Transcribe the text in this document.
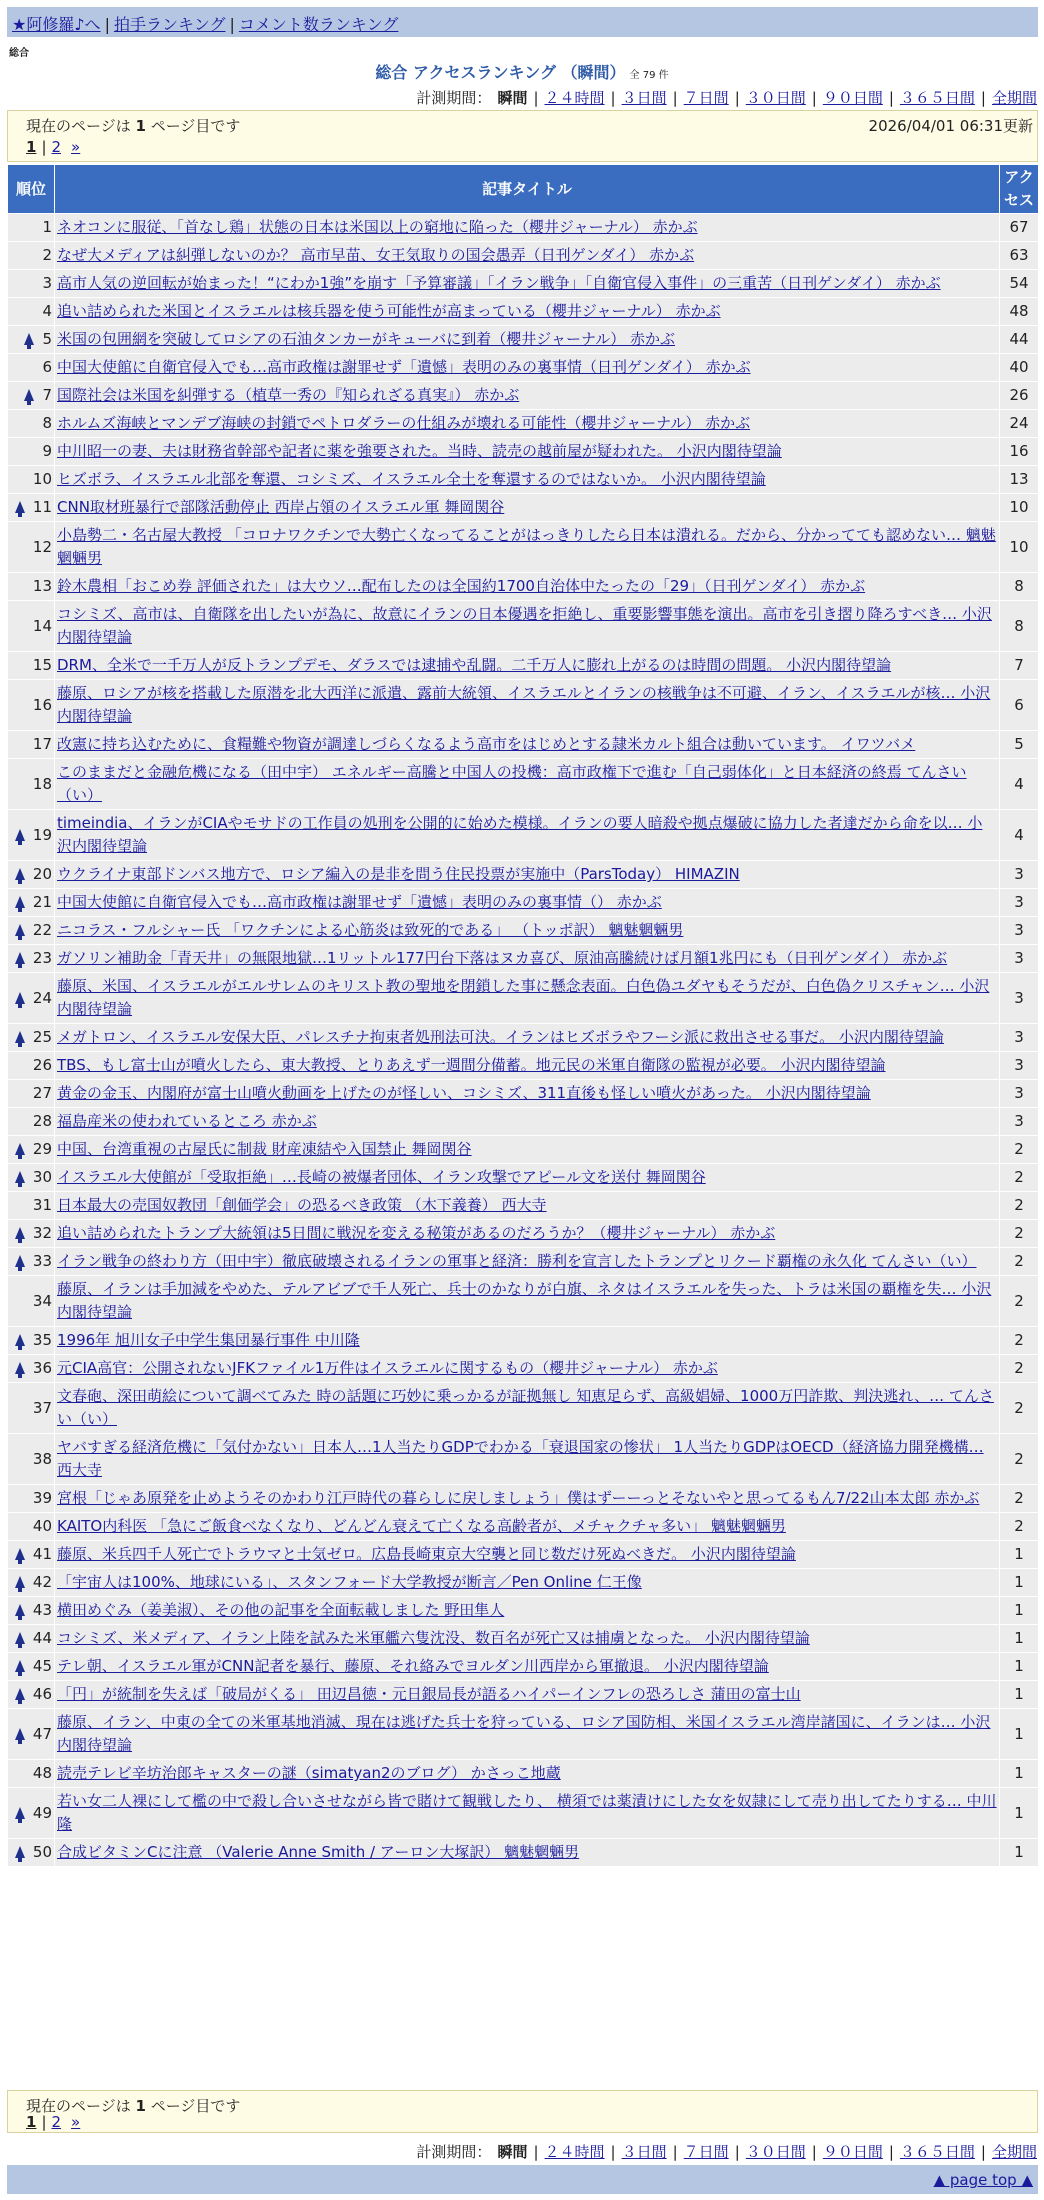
★阿修羅♪へ | 拍手ランキング | コメント数ランキング
総合
総合 アクセスランキング （瞬間） 全 79 件
計測期間： 瞬間 | ２４時間 | ３日間 | ７日間 | ３０日間 | ９０日間 | ３６５日間 | 全期間
現在のページは 1 ページ目です	2026/04/01 06:31更新
1 | 2 »
順位	記事タイトル	アクセス
1	ネオコンに服従、「首なし鶏」状態の日本は米国以上の窮地に陥った（櫻井ジャーナル） 赤かぶ	67
2	なぜ大メディアは糾弾しないのか？ 高市早苗、女王気取りの国会愚弄（日刊ゲンダイ） 赤かぶ	63
3	高市人気の逆回転が始まった！“にわか1強”を崩す「予算審議」「イラン戦争」「自衛官侵入事件」の三重苦（日刊ゲンダイ） 赤かぶ	54
4	追い詰められた米国とイスラエルは核兵器を使う可能性が高まっている（櫻井ジャーナル） 赤かぶ	48
5	米国の包囲網を突破してロシアの石油タンカーがキューバに到着（櫻井ジャーナル） 赤かぶ	44
6	中国大使館に自衛官侵入でも…高市政権は謝罪せず「遺憾」表明のみの裏事情（日刊ゲンダイ） 赤かぶ	40
7	国際社会は米国を糾弾する（植草一秀の『知られざる真実』） 赤かぶ	26
8	ホルムズ海峡とマンデブ海峡の封鎖でペトロダラーの仕組みが壊れる可能性（櫻井ジャーナル） 赤かぶ	24
9	中川昭一の妻、夫は財務省幹部や記者に薬を強要された。当時、読売の越前屋が疑われた。 小沢内閣待望論	16
10	ヒズボラ、イスラエル北部を奪還、コシミズ、イスラエル全土を奪還するのではないか。 小沢内閣待望論	13
11	CNN取材班暴行で部隊活動停止 西岸占領のイスラエル軍 舞岡関谷	10
12	小島勢二・名古屋大教授 「コロナワクチンで大勢亡くなってることがはっきりしたら日本は潰れる。だから、分かってても認めない… 魑魅魍魎男	10
13	鈴木農相「おこめ券 評価された」は大ウソ…配布したのは全国約1700自治体中たったの「29」（日刊ゲンダイ） 赤かぶ	8
14	コシミズ、高市は、自衛隊を出したいが為に、故意にイランの日本優遇を拒絶し、重要影響事態を演出。高市を引き摺り降ろすべき… 小沢内閣待望論	8
15	DRM、全米で一千万人が反トランプデモ、ダラスでは逮捕や乱闘。二千万人に膨れ上がるのは時間の問題。 小沢内閣待望論	7
16	藤原、ロシアが核を搭載した原潜を北大西洋に派遣、露前大統領、イスラエルとイランの核戦争は不可避、イラン、イスラエルが核… 小沢内閣待望論	6
17	改憲に持ち込むために、食糧難や物資が調達しづらくなるよう高市をはじめとする隷米カルト組合は動いています。 イワツバメ	5
18	このままだと金融危機になる（田中宇） エネルギー高騰と中国人の投機：高市政権下で進む「自己弱体化」と日本経済の終焉 てんさい（い）	4
19	timeindia、イランがCIAやモサドの工作員の処刑を公開的に始めた模様。イランの要人暗殺や拠点爆破に協力した者達だから命を以… 小沢内閣待望論	4
20	ウクライナ東部ドンバス地方で、ロシア編入の是非を問う住民投票が実施中（ParsToday） HIMAZIN	3
21	中国大使館に自衛官侵入でも…高市政権は謝罪せず「遺憾」表明のみの裏事情（） 赤かぶ	3
22	ニコラス・フルシャー氏 「ワクチンによる心筋炎は致死的である」 （トッポ訳） 魑魅魍魎男	3
23	ガソリン補助金「青天井」の無限地獄…1リットル177円台下落はヌカ喜び、原油高騰続けば月額1兆円にも（日刊ゲンダイ） 赤かぶ	3
24	藤原、米国、イスラエルがエルサレムのキリスト教の聖地を閉鎖した事に懸念表面。白色偽ユダヤもそうだが、白色偽クリスチャン… 小沢内閣待望論	3
25	メガトロン、イスラエル安保大臣、パレスチナ拘束者処刑法可決。イランはヒズボラやフーシ派に救出させる事だ。 小沢内閣待望論	3
26	TBS、もし富士山が噴火したら、東大教授、とりあえず一週間分備蓄。地元民の米軍自衛隊の監視が必要。 小沢内閣待望論	3
27	黄金の金玉、内閣府が富士山噴火動画を上げたのが怪しい、コシミズ、311直後も怪しい噴火があった。 小沢内閣待望論	3
28	福島産米の使われているところ 赤かぶ	3
29	中国、台湾重視の古屋氏に制裁 財産凍結や入国禁止 舞岡関谷	2
30	イスラエル大使館が「受取拒絶」…長崎の被爆者団体、イラン攻撃でアピール文を送付 舞岡関谷	2
31	日本最大の売国奴教団「創価学会」の恐るべき政策 （木下義養） 西大寺	2
32	追い詰められたトランプ大統領は5日間に戦況を変える秘策があるのだろうか？（櫻井ジャーナル） 赤かぶ	2
33	イラン戦争の終わり方（田中宇）徹底破壊されるイランの軍事と経済：勝利を宣言したトランプとリクード覇権の永久化 てんさい（い）	2
34	藤原、イランは手加減をやめた、テルアビブで千人死亡、兵士のかなりが白旗、ネタはイスラエルを失った、トラは米国の覇権を失… 小沢内閣待望論	2
35	1996年 旭川女子中学生集団暴行事件 中川隆	2
36	元CIA高官：公開されないJFKファイル1万件はイスラエルに関するもの（櫻井ジャーナル） 赤かぶ	2
37	文春砲、深田萌絵について調べてみた 時の話題に巧妙に乗っかるが証拠無し 知恵足らず、高級娼婦、1000万円詐欺、判決逃れ、… てんさい（い）	2
38	ヤバすぎる経済危機に「気付かない」日本人…1人当たりGDPでわかる「衰退国家の惨状」 1人当たりGDPはOECD（経済協力開発機構… 西大寺	2
39	宮根「じゃあ原発を止めようそのかわり江戸時代の暮らしに戻しましょう」僕はずーーっとそないやと思ってるもん7/22山本太郎 赤かぶ	2
40	KAITO内科医 「急にご飯食べなくなり、どんどん衰えて亡くなる高齢者が、メチャクチャ多い」 魑魅魍魎男	2
41	藤原、米兵四千人死亡でトラウマと士気ゼロ。広島長崎東京大空襲と同じ数だけ死ぬべきだ。 小沢内閣待望論	1
42	「宇宙人は100%、地球にいる」、スタンフォード大学教授が断言／Pen Online 仁王像	1
43	横田めぐみ（姜美淑）、その他の記事を全面転載しました 野田隼人	1
44	コシミズ、米メディア、イラン上陸を試みた米軍艦六隻沈没、数百名が死亡又は捕虜となった。 小沢内閣待望論	1
45	テレ朝、イスラエル軍がCNN記者を暴行、藤原、それ絡みでヨルダン川西岸から軍撤退。 小沢内閣待望論	1
46	「円」が統制を失えば「破局がくる」 田辺昌徳・元日銀局長が語るハイパーインフレの恐ろしさ 蒲田の富士山	1
47	藤原、イラン、中東の全ての米軍基地消滅、現在は逃げた兵士を狩っている、ロシア国防相、米国イスラエル湾岸諸国に、イランは… 小沢内閣待望論	1
48	読売テレビ辛坊治郎キャスターの謎（simatyan2のブログ） かさっこ地蔵	1
49	若い女二人裸にして檻の中で殺し合いさせながら皆で賭けて観戦したり、 横須では薬漬けにした女を奴隷にして売り出してたりする… 中川隆	1
50	合成ビタミンCに注意 （Valerie Anne Smith / アーロン大塚訳） 魑魅魍魎男	1
現在のページは 1 ページ目です
1 | 2 »
計測期間： 瞬間 | ２４時間 | ３日間 | ７日間 | ３０日間 | ９０日間 | ３６５日間 | 全期間
▲ page top ▲
